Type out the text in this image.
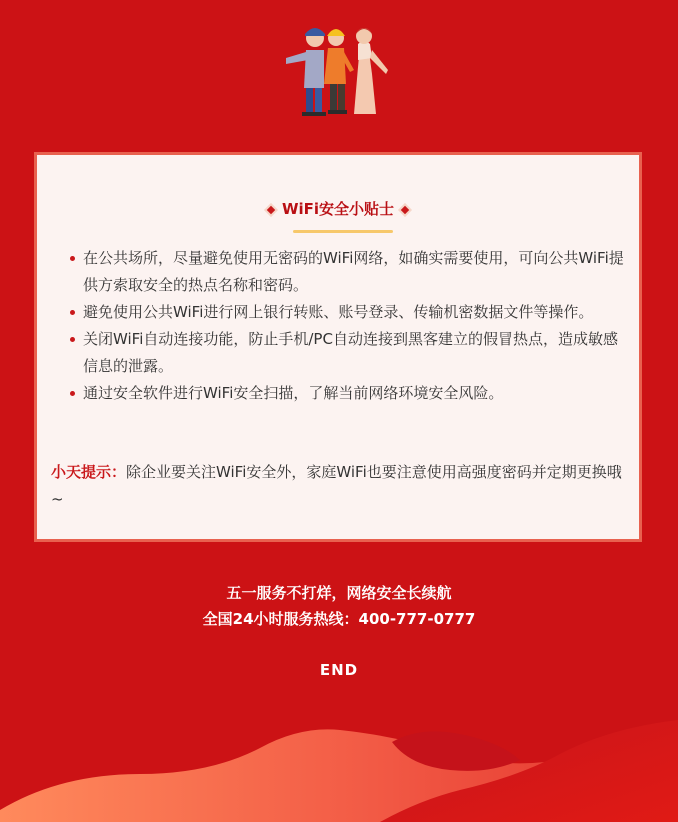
WiFi安全小贴士
在公共场所，尽量避免使用无密码的WiFi网络，如确实需要使用，可向公共WiFi提供方索取安全的热点名称和密码。
避免使用公共WiFi进行网上银行转账、账号登录、传输机密数据文件等操作。
关闭WiFi自动连接功能，防止手机/PC自动连接到黑客建立的假冒热点，造成敏感信息的泄露。
通过安全软件进行WiFi安全扫描，了解当前网络环境安全风险。

小天提示：除企业要关注WiFi安全外，家庭WiFi也要注意使用高强度密码并定期更换哦~

五一服务不打烊，网络安全长续航
全国24小时服务热线：400-777-0777
END
